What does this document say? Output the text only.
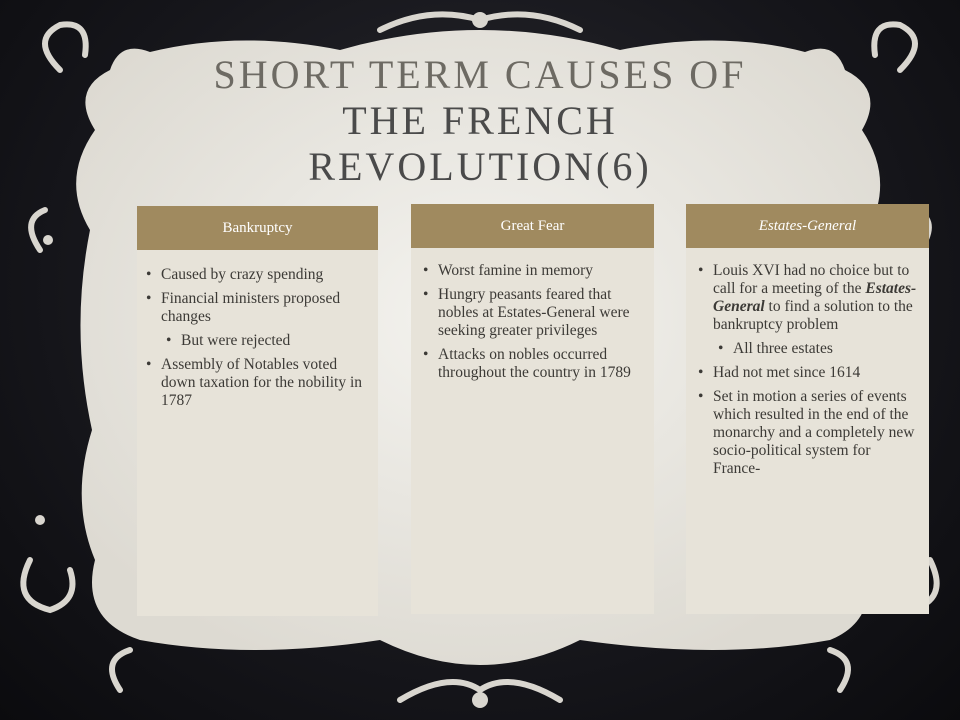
SHORT TERM CAUSES OF
THE FRENCH
REVOLUTION(6)
Bankruptcy
• Caused by crazy spending
• Financial ministers proposed changes
• But were rejected
• Assembly of Notables voted down taxation for the nobility in 1787
Great Fear
• Worst famine in memory
• Hungry peasants feared that nobles at Estates-General were seeking greater privileges
• Attacks on nobles occurred throughout the country in 1789
Estates-General
• Louis XVI had no choice but to call for a meeting of the Estates-General to find a solution to the bankruptcy problem
• All three estates
• Had not met since 1614
• Set in motion a series of events which resulted in the end of the monarchy and a completely new socio-political system for France-
